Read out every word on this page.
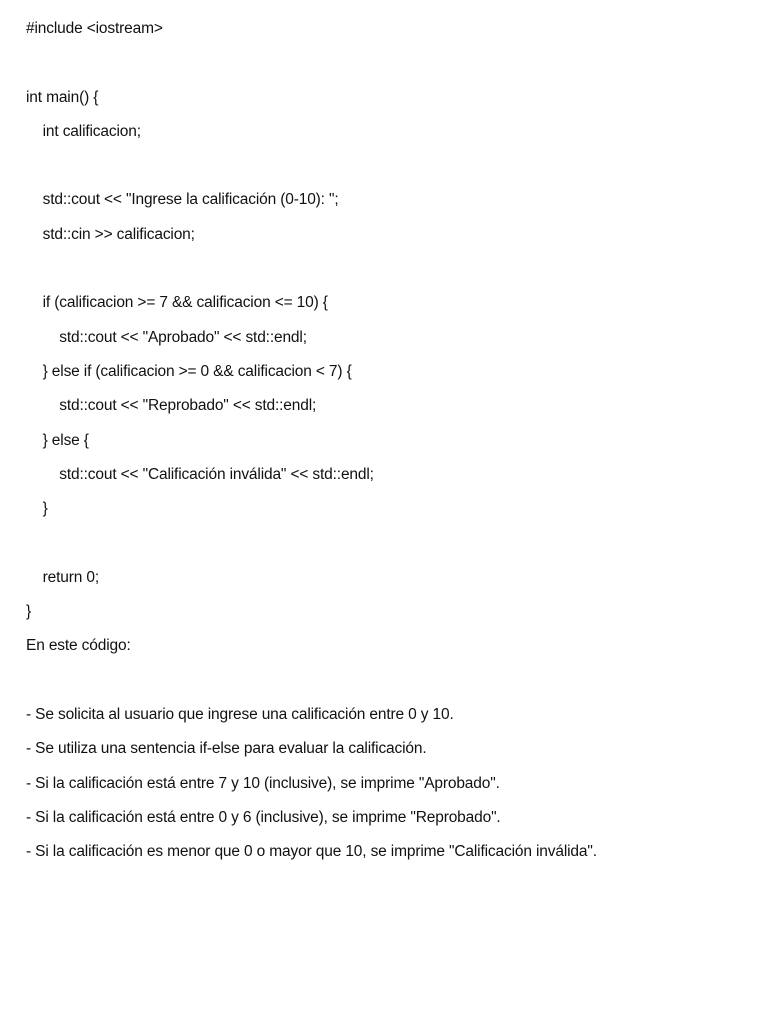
#include <iostream>
int main() {
int calificacion;
std::cout << "Ingrese la calificación (0-10): ";
std::cin >> calificacion;
if (calificacion >= 7 && calificacion <= 10) {
std::cout << "Aprobado" << std::endl;
} else if (calificacion >= 0 && calificacion < 7) {
std::cout << "Reprobado" << std::endl;
} else {
std::cout << "Calificación inválida" << std::endl;
}
return 0;
}
En este código:
- Se solicita al usuario que ingrese una calificación entre 0 y 10.
- Se utiliza una sentencia if-else para evaluar la calificación.
- Si la calificación está entre 7 y 10 (inclusive), se imprime "Aprobado".
- Si la calificación está entre 0 y 6 (inclusive), se imprime "Reprobado".
- Si la calificación es menor que 0 o mayor que 10, se imprime "Calificación inválida".
